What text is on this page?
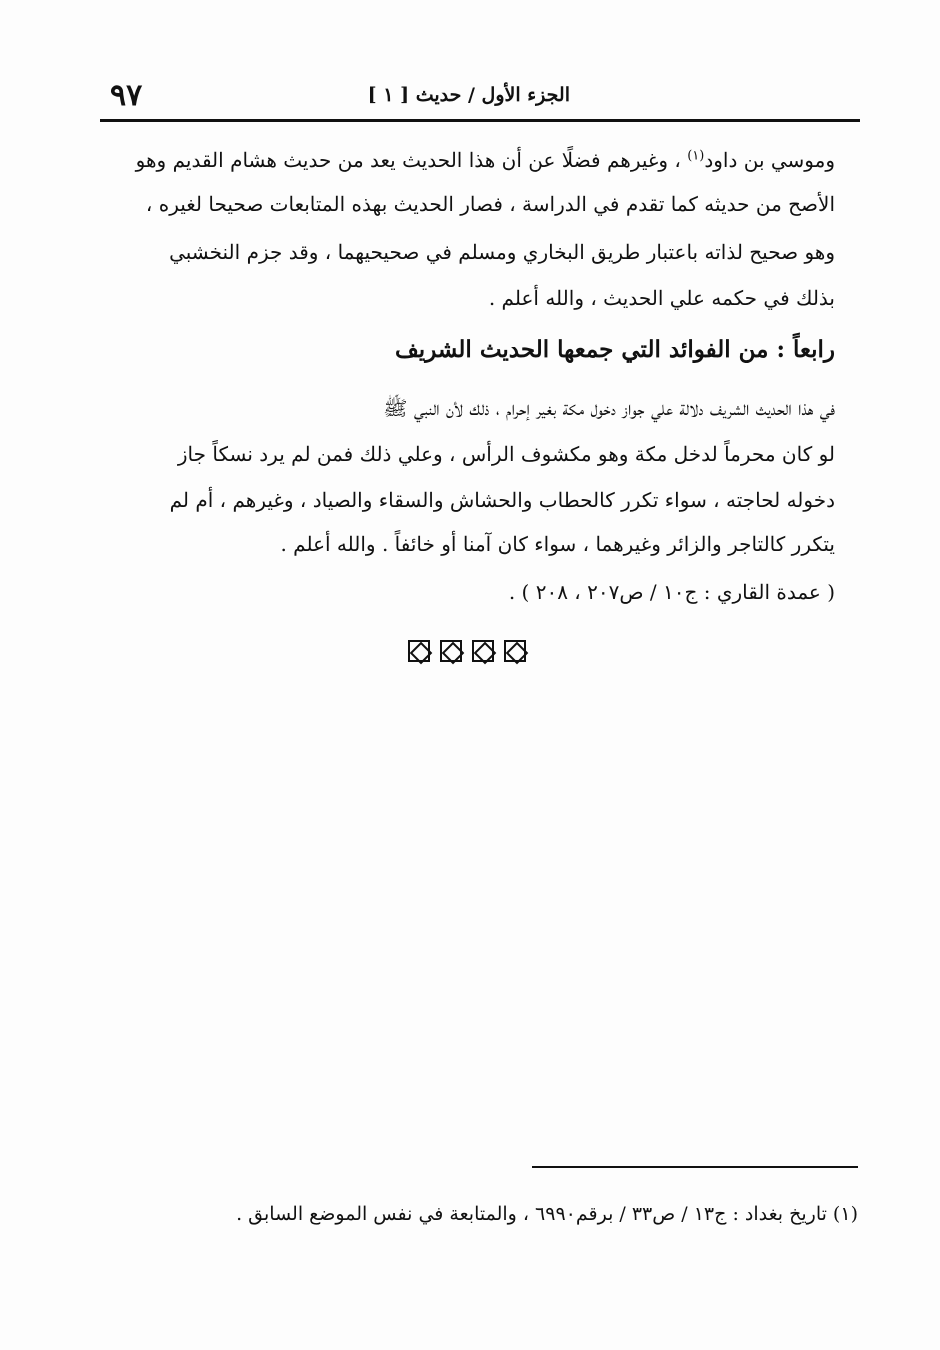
٩٧	الجزء الأول / حديث [ ١ ]
وموسي بن داود$^{(١)}$ ، وغيرهم فضلًا عن أن هذا الحديث يعد من حديث هشام القديم وهو
الأصح من حديثه كما تقدم في الدراسة ، فصار الحديث بهذه المتابعات صحيحا لغيره ،
وهو صحيح لذاته باعتبار طريق البخاري ومسلم في صحيحيهما ، وقد جزم النخشبي
بذلك في حكمه علي الحديث ، والله أعلم .
رابعاً : من الفوائد التي جمعها الحديث الشريف
في هذا الحديث الشريف دلالة علي جواز دخول مكة بغير إحرام ، ذلك لأن النبي ﷺ
لو كان محرماً لدخل مكة وهو مكشوف الرأس ، وعلي ذلك فمن لم يرد نسكاً جاز
دخوله لحاجته ، سواء تكرر كالحطاب والحشاش والسقاء والصياد ، وغيرهم ، أم لم
يتكرر كالتاجر والزائر وغيرهما ، سواء كان آمنا أو خائفاً . والله أعلم .
( عمدة القاري : ج١٠ / ص٢٠٧ ، ٢٠٨ ) .
(١) تاريخ بغداد : ج١٣ / ص٣٣ / برقم٦٩٩٠ ، والمتابعة في نفس الموضع السابق .
